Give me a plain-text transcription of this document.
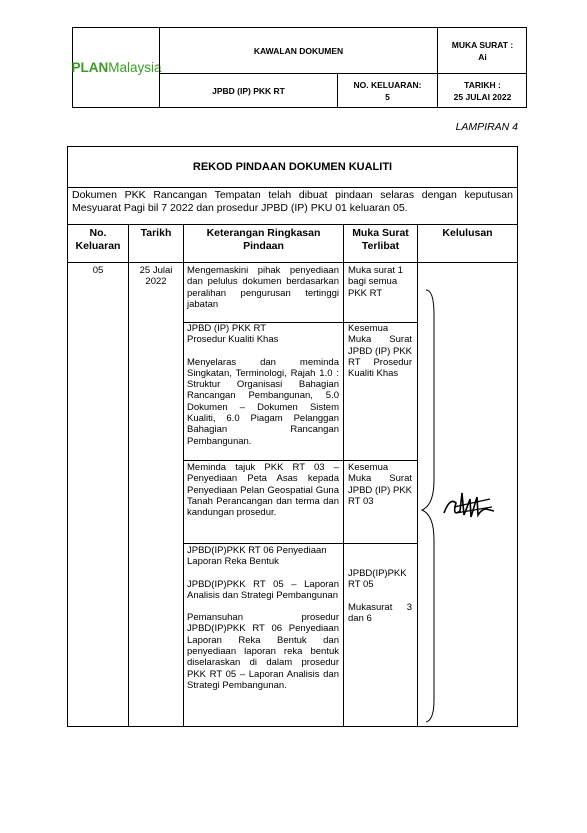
PLAN Malaysia
KAWALAN DOKUMEN
MUKA SURAT :
Ai
JPBD (IP) PKK RT
NO. KELUARAN:
5
TARIKH :
25 JULAI 2022
LAMPIRAN 4
REKOD PINDAAN DOKUMEN KUALITI
Dokumen PKK Rancangan Tempatan telah dibuat pindaan selaras dengan keputusan Mesyuarat Pagi bil 7 2022 dan prosedur JPBD (IP) PKU 01 keluaran 05.
No. Keluaran
Tarikh	Keterangan Ringkasan Pindaan
Muka Surat Terlibat
Kelulusan
05	25 Julai 2022

Mengemaskini pihak penyediaan dan pelulus dokumen berdasarkan peralihan pengurusan tertinggi jabatan

Muka surat 1 bagi semua PKK RT

JPBD (IP) PKK RT Prosedur Kualiti Khas

Menyelaras dan meminda Singkatan, Terminologi, Rajah 1.0 : Struktur Organisasi Bahagian Rancangan Pembangunan, 5.0 Dokumen – Dokumen Sistem Kualiti, 6.0 Piagam Pelanggan Bahagian Rancangan Pembangunan.

Kesemua Muka Surat JPBD (IP) PKK RT Prosedur Kualiti Khas

Meminda tajuk PKK RT 03 – Penyediaan Peta Asas kepada Penyediaan Pelan Geospatial Guna Tanah Perancangan dan terma dan kandungan prosedur.

Kesemua Muka Surat JPBD (IP) PKK RT 03

JPBD(IP)PKK RT 06 Penyediaan Laporan Reka Bentuk

JPBD(IP)PKK RT 05 – Laporan Analisis dan Strategi Pembangunan

Pemansuhan prosedur JPBD(IP)PKK RT 06 Penyediaan Laporan Reka Bentuk dan penyediaan laporan reka bentuk diselaraskan di dalam prosedur PKK RT 05 – Laporan Analisis dan Strategi Pembangunan.

JPBD(IP)PKK RT 05

Mukasurat 3 dan 6
